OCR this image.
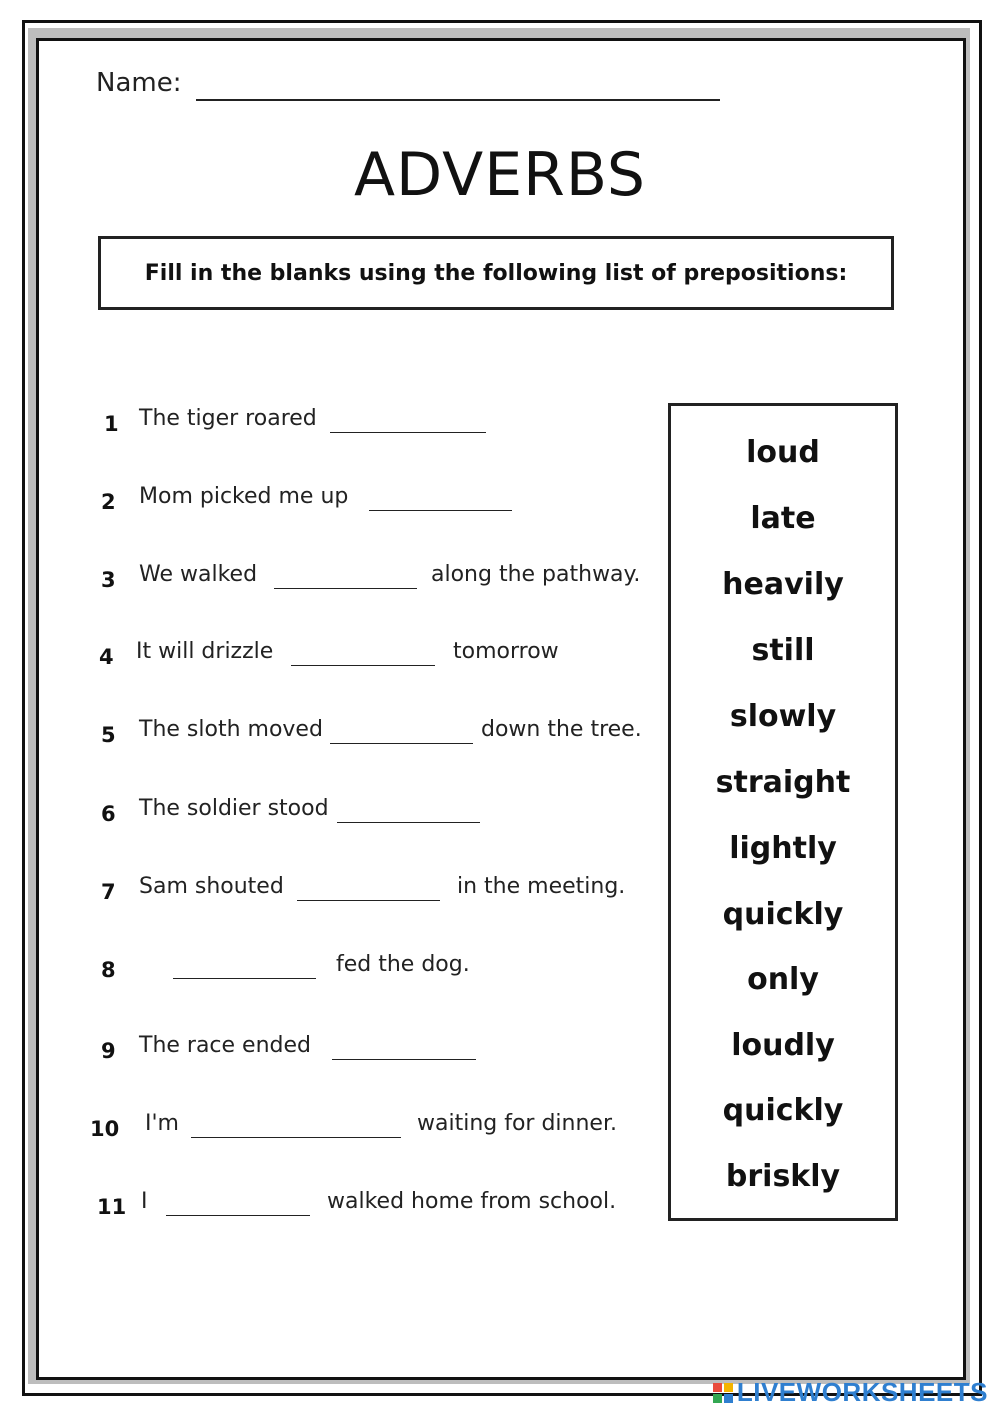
Name:
ADVERBS
Fill in the blanks using the following list of prepositions:
1 The tiger roared
2 Mom picked me up
3 We walked	along the pathway.
4 It will drizzle	tomorrow
5 The sloth moved	down the tree.
6 The soldier stood
7 Sam shouted	in the meeting.
8	fed the dog.
9 The race ended
10 I'm	waiting for dinner.
11 I	walked home from school.
loud
late
heavily
still
slowly
straight
lightly
quickly
only
loudly
quickly
briskly
LIVEWORKSHEETS
